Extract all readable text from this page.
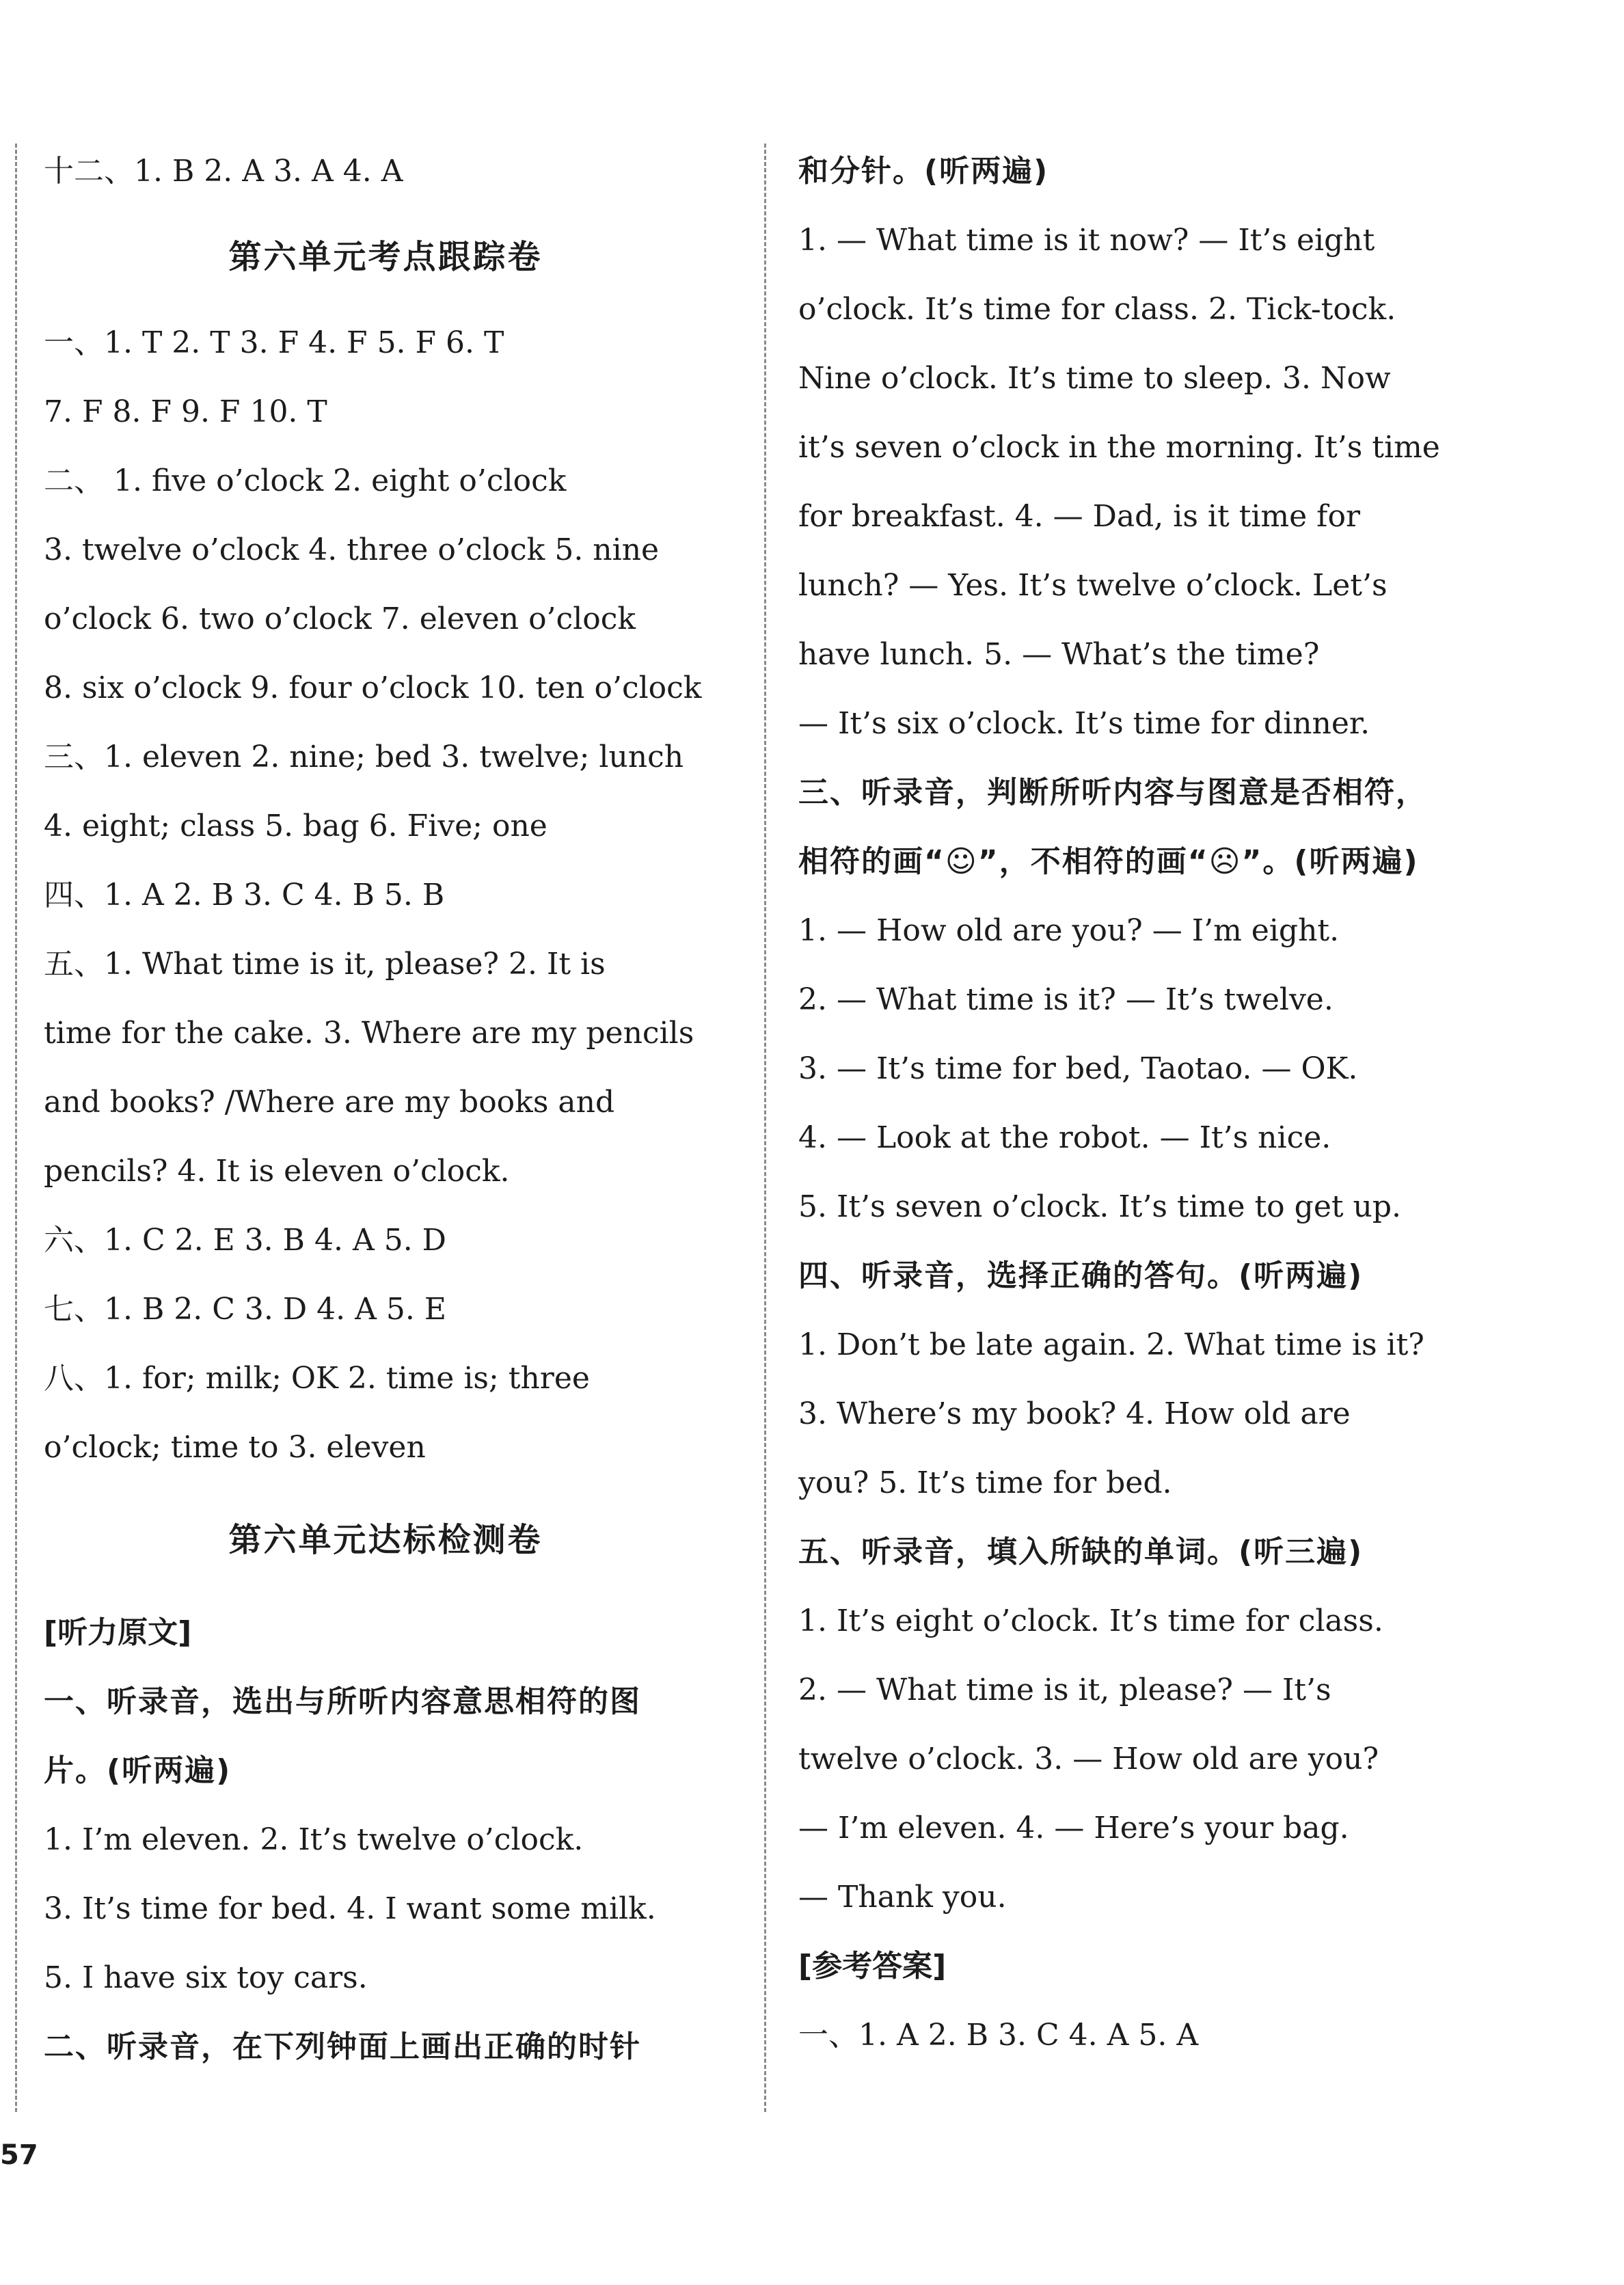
十二、1. B 2. A 3. A 4. A
第六单元考点跟踪卷
一、1. T 2. T 3. F 4. F 5. F 6. T
7. F 8. F 9. F 10. T
二、 1. five o’clock 2. eight o’clock
3. twelve o’clock 4. three o’clock 5. nine
o’clock 6. two o’clock 7. eleven o’clock
8. six o’clock 9. four o’clock 10. ten o’clock
三、1. eleven 2. nine; bed 3. twelve; lunch
4. eight; class 5. bag 6. Five; one
四、1. A 2. B 3. C 4. B 5. B
五、1. What time is it, please? 2. It is
time for the cake. 3. Where are my pencils
and books? /Where are my books and
pencils? 4. It is eleven o’clock.
六、1. C 2. E 3. B 4. A 5. D
七、1. B 2. C 3. D 4. A 5. E
八、1. for; milk; OK 2. time is; three
o’clock; time to 3. eleven
第六单元达标检测卷
[听力原文]
一、听录音，选出与所听内容意思相符的图
片。(听两遍)
1. I’m eleven. 2. It’s twelve o’clock.
3. It’s time for bed. 4. I want some milk.
5. I have six toy cars.
二、听录音，在下列钟面上画出正确的时针
和分针。(听两遍)
1. — What time is it now? — It’s eight
o’clock. It’s time for class. 2. Tick-tock.
Nine o’clock. It’s time to sleep. 3. Now
it’s seven o’clock in the morning. It’s time
for breakfast. 4. — Dad, is it time for
lunch? — Yes. It’s twelve o’clock. Let’s
have lunch. 5. — What’s the time?
— It’s six o’clock. It’s time for dinner.
三、听录音，判断所听内容与图意是否相符，
相符的画“☺”，不相符的画“☹”。(听两遍)
1. — How old are you? — I’m eight.
2. — What time is it? — It’s twelve.
3. — It’s time for bed, Taotao. — OK.
4. — Look at the robot. — It’s nice.
5. It’s seven o’clock. It’s time to get up.
四、听录音，选择正确的答句。(听两遍)
1. Don’t be late again. 2. What time is it?
3. Where’s my book? 4. How old are
you? 5. It’s time for bed.
五、听录音，填入所缺的单词。(听三遍)
1. It’s eight o’clock. It’s time for class.
2. — What time is it, please? — It’s
twelve o’clock. 3. — How old are you?
— I’m eleven. 4. — Here’s your bag.
— Thank you.
[参考答案]
一、1. A 2. B 3. C 4. A 5. A
57
